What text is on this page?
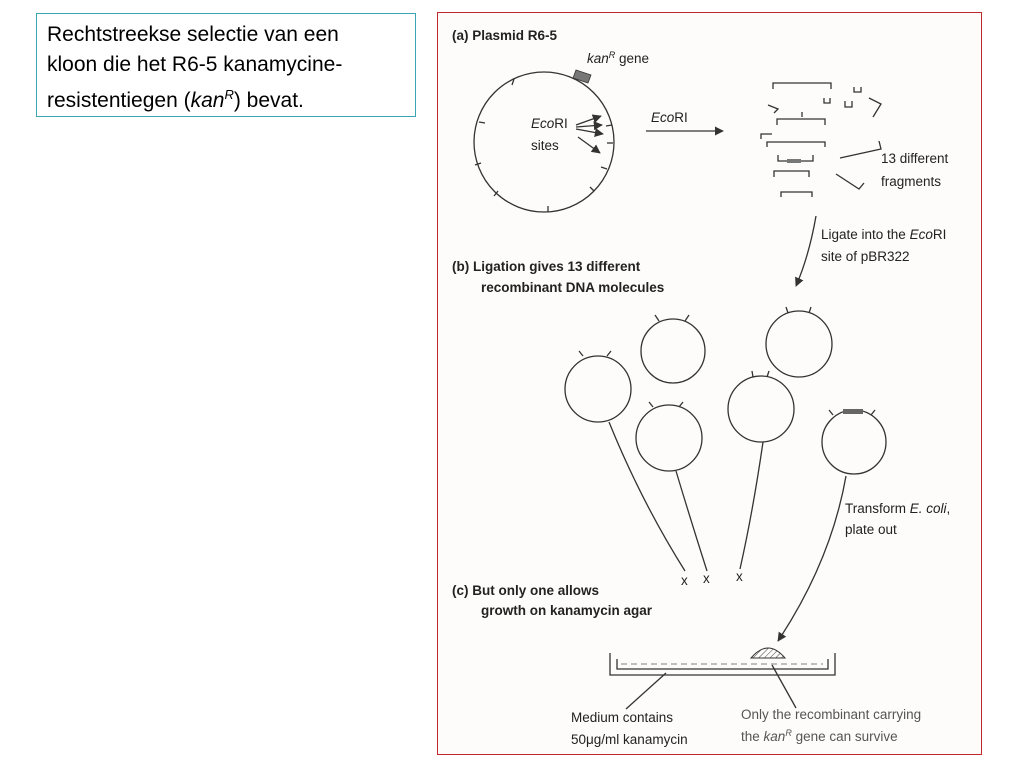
Rechtstreekse selectie van een
kloon die het R6-5 kanamycine-
resistentiegen (kan$^R$) bevat.
(a) Plasmid R6-5
kan$^R$ gene
EcoRI
sites
EcoRI
13 different
fragments
Ligate into the EcoRI
site of pBR322
(b) Ligation gives 13 different
recombinant DNA molecules
x x x
Transform E. coli,
plate out
(c) But only one allows
growth on kanamycin agar
Medium contains
50μg/ml kanamycin
Only the recombinant carrying
the kan$^R$ gene can survive
